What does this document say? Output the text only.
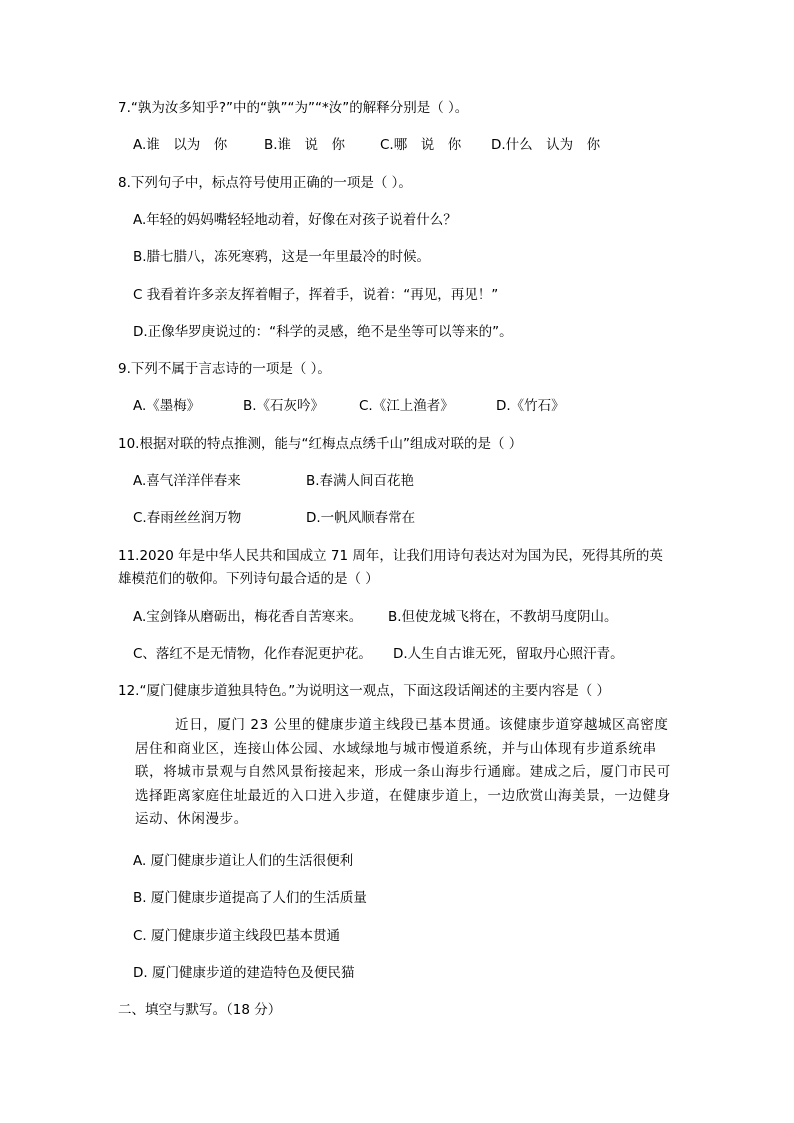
7.“孰为汝多知乎?”中的“孰”“为”“*汝”的解释分别是（ ）。
A.谁　以为　你	B.谁　说　你	C.哪　说　你 D.什么　认为　你
8.下列句子中，标点符号使用正确的一项是（ ）。
A.年轻的妈妈嘴轻轻地动着，好像在对孩子说着什么？
B.腊七腊八，冻死寒鸦，这是一年里最冷的时候。
C 我看着许多亲友挥着帽子，挥着手，说着：“再见，再见！”
D.正像华罗庚说过的：“科学的灵感，绝不是坐等可以等来的”。
9.下列不属于言志诗的一项是（ ）。
A.《墨梅》	B.《石灰吟》	C.《江上渔者》	D.《竹石》
10.根据对联的特点推测，能与“红梅点点绣千山”组成对联的是（ ）
A.喜气洋洋伴春来	B.春满人间百花艳
C.春雨丝丝润万物	D.一帆风顺春常在
11.2020 年是中华人民共和国成立 71 周年，让我们用诗句表达对为国为民，死得其所的英
雄模范们的敬仰。下列诗句最合适的是（ ）
A.宝剑锋从磨砺出，梅花香自苦寒来。 B.但使龙城飞将在，不教胡马度阴山。
C、落红不是无情物，化作春泥更护花。 D.人生自古谁无死，留取丹心照汗青。
12.“厦门健康步道独具特色。”为说明这一观点，下面这段话阐述的主要内容是（ ）
近日，厦门 23 公里的健康步道主线段已基本贯通。该健康步道穿越城区高密度居住和商业区，连接山体公园、水域绿地与城市慢道系统，并与山体现有步道系统串联，将城市景观与自然风景衔接起来，形成一条山海步行通廊。建成之后，厦门市民可选择距离家庭住址最近的入口进入步道，在健康步道上，一边欣赏山海美景，一边健身运动、休闲漫步。
A. 厦门健康步道让人们的生活很便利
B. 厦门健康步道提高了人们的生活质量
C. 厦门健康步道主线段巴基本贯通
D. 厦门健康步道的建造特色及便民猫
二、填空与默写。（18 分）
